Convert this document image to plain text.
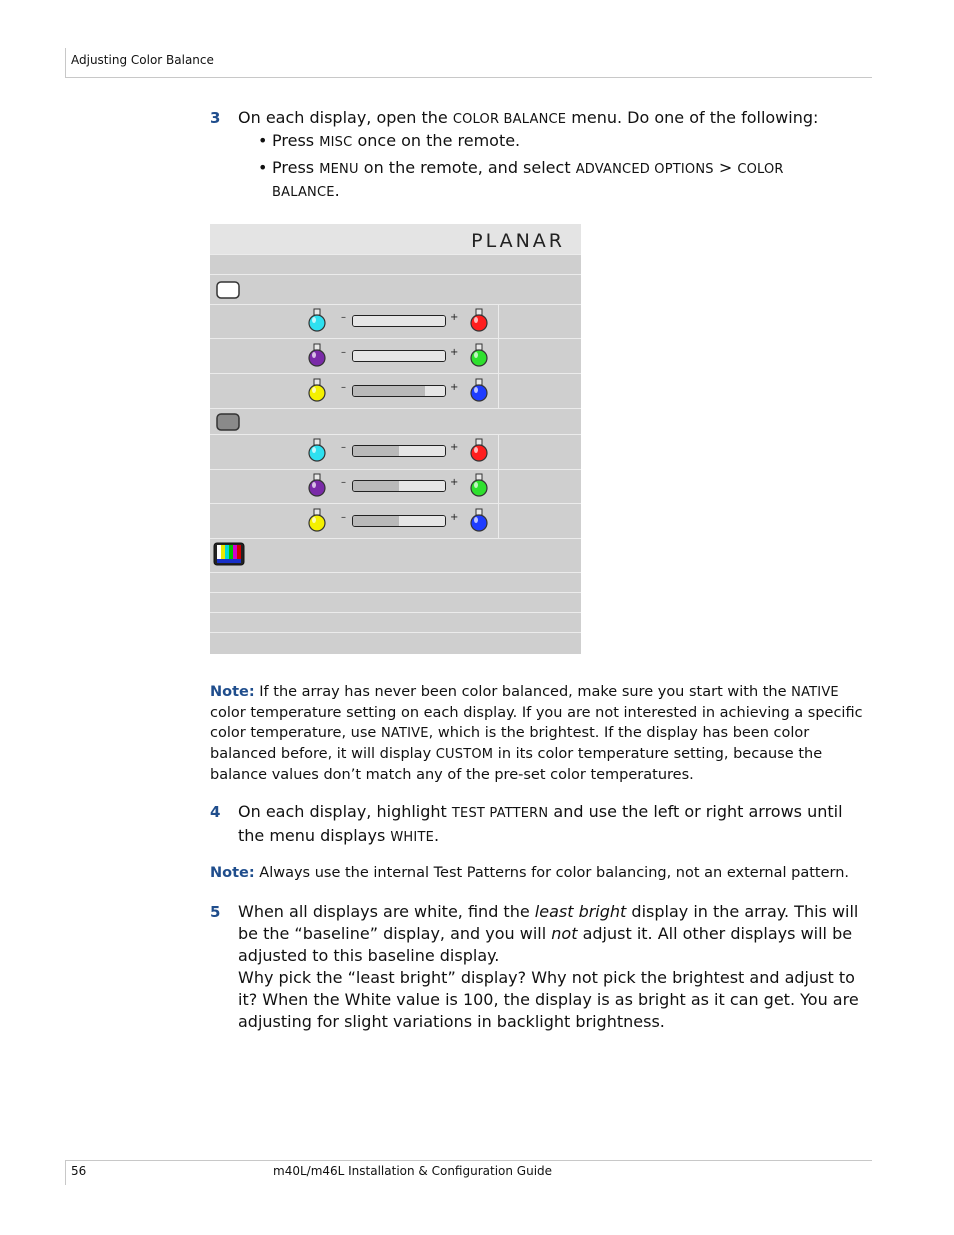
Adjusting Color Balance
3 On each display, open the COLOR BALANCE menu. Do one of the following:
• Press MISC once on the remote.
• Press MENU on the remote, and select ADVANCED OPTIONS > COLOR BALANCE.
PLANAR
–	+
–	+
–	+
–	+
–	+
–	+
Note: If the array has never been color balanced, make sure you start with the NATIVE color temperature setting on each display. If you are not interested in achieving a specific color temperature, use NATIVE, which is the brightest. If the display has been color balanced before, it will display CUSTOM in its color temperature setting, because the balance values don’t match any of the pre-set color temperatures.
4 On each display, highlight TEST PATTERN and use the left or right arrows until the menu displays WHITE.
Note: Always use the internal Test Patterns for color balancing, not an external pattern.
5 When all displays are white, find the least bright display in the array. This will be the “baseline” display, and you will not adjust it. All other displays will be adjusted to this baseline display.
Why pick the “least bright” display? Why not pick the brightest and adjust to it? When the White value is 100, the display is as bright as it can get. You are adjusting for slight variations in backlight brightness.
56	m40L/m46L Installation & Configuration Guide
